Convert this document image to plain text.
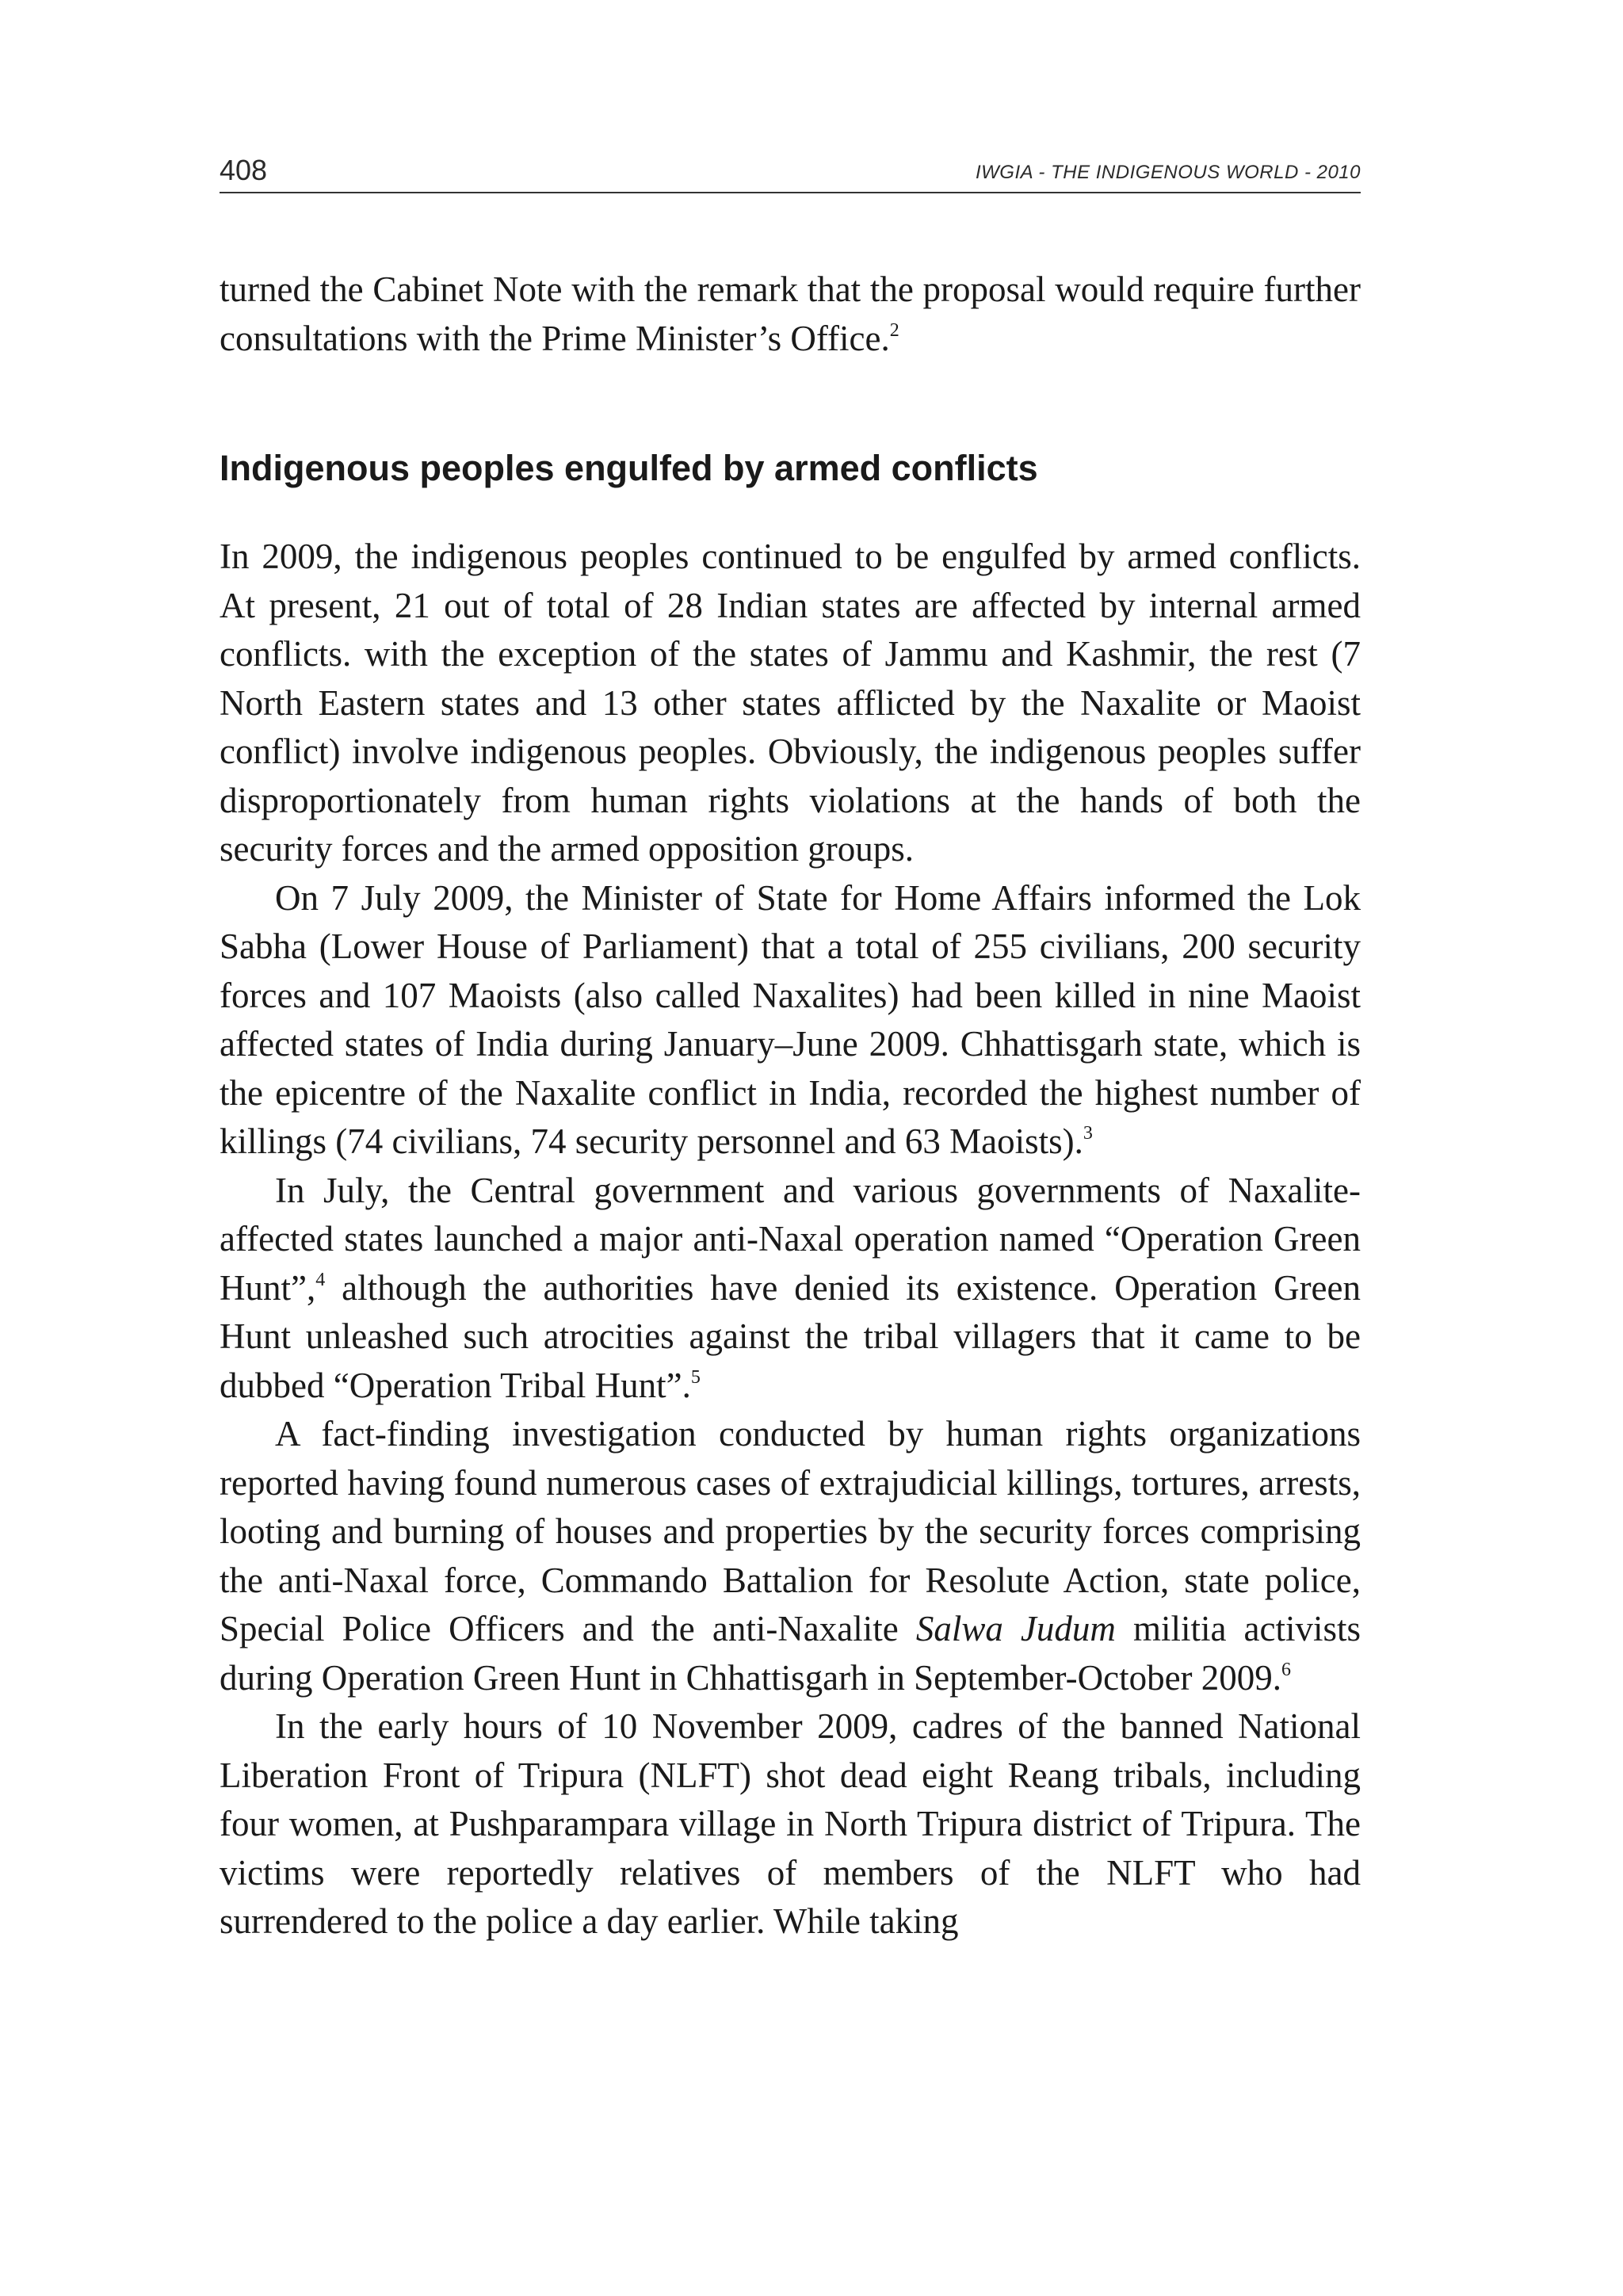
408	IWGIA - THE INDIGENOUS WORLD - 2010

turned the Cabinet Note with the remark that the proposal would require further consultations with the Prime Minister’s Office.$^2$

Indigenous peoples engulfed by armed conflicts

In 2009, the indigenous peoples continued to be engulfed by armed conflicts. At present, 21 out of total of 28 Indian states are affected by internal armed conflicts. with the exception of the states of Jammu and Kashmir, the rest (7 North Eastern states and 13 other states afflicted by the Naxalite or Maoist conflict) involve indigenous peoples. Obviously, the indigenous peoples suffer disproportionately from human rights violations at the hands of both the security forces and the armed opposition groups.

On 7 July 2009, the Minister of State for Home Affairs informed the Lok Sabha (Lower House of Parliament) that a total of 255 civilians, 200 security forces and 107 Maoists (also called Naxalites) had been killed in nine Maoist affected states of India during January–June 2009. Chhattisgarh state, which is the epicentre of the Naxalite conflict in India, recorded the highest number of killings (74 civilians, 74 security personnel and 63 Maoists).$^3$

In July, the Central government and various governments of Naxalite-affected states launched a major anti-Naxal operation named “Operation Green Hunt”,$^4$ although the authorities have denied its existence. Operation Green Hunt unleashed such atrocities against the tribal villagers that it came to be dubbed “Operation Tribal Hunt”.$^5$

A fact-finding investigation conducted by human rights organizations reported having found numerous cases of extrajudicial killings, tortures, arrests, looting and burning of houses and properties by the security forces comprising the anti-Naxal force, Commando Battalion for Resolute Action, state police, Special Police Officers and the anti-Naxalite Salwa Judum militia activists during Operation Green Hunt in Chhattisgarh in September-October 2009.$^6$

In the early hours of 10 November 2009, cadres of the banned National Liberation Front of Tripura (NLFT) shot dead eight Reang tribals, including four women, at Pushparampara village in North Tripura district of Tripura. The victims were reportedly relatives of members of the NLFT who had surrendered to the police a day earlier. While taking
